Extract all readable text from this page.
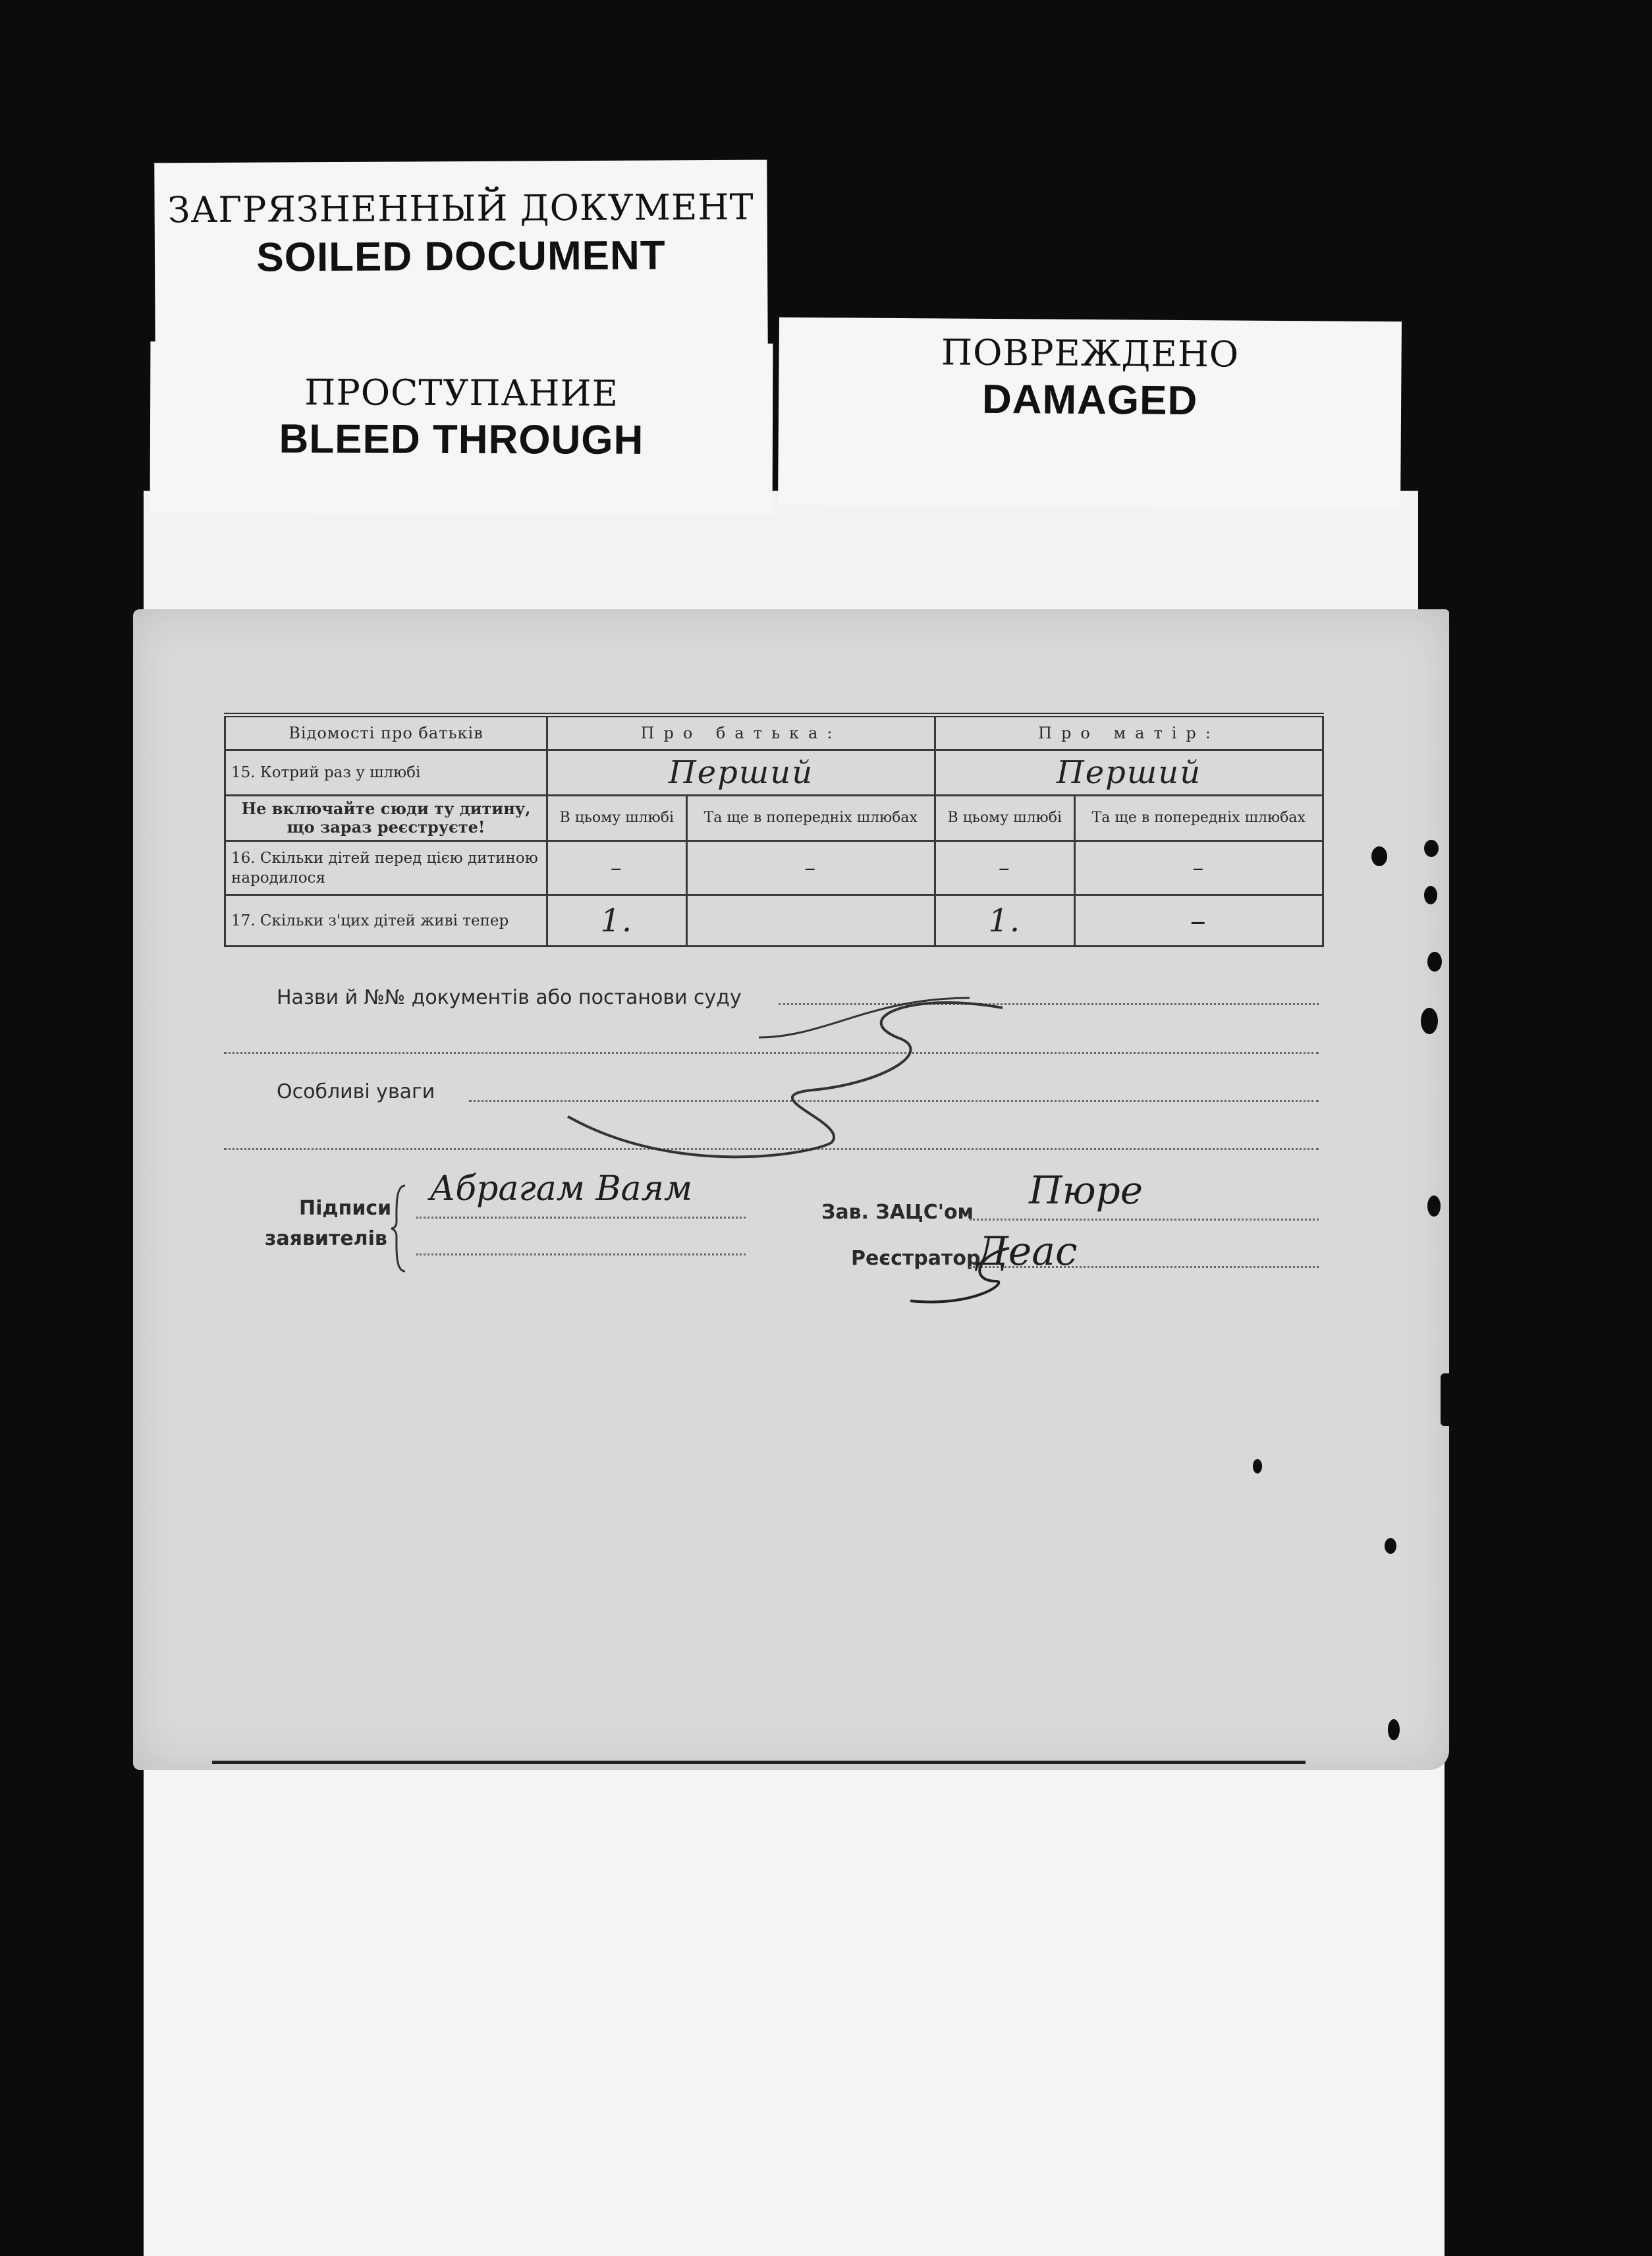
ЗАГРЯЗНЕННЫЙ ДОКУМЕНТ
SOILED DOCUMENT
ПРОСТУПАНИЕ
BLEED THROUGH
ПОВРЕЖДЕНО
DAMAGED
Відомості про батьків	Про батька:		Про матір:	
15. Котрий раз у шлюбі	Перший		Перший	
Не включайте сюди ту дитину, що зараз реєструєте!	В цьому шлюбі	Та ще в попередніх шлюбах	В цьому шлюбі	Та ще в попередніх шлюбах
16. Скільки дітей перед цією дитиною народилося	–	–	–	–
17. Скільки з'цих дітей живі тепер	1.		1.	–
Назви й №№ документів або постанови суду
Особливі уваги
Підписи
заявителів
Абрагам Ваям
Зав. ЗАЦС'ом Пюре
Реєстратор
Деас
